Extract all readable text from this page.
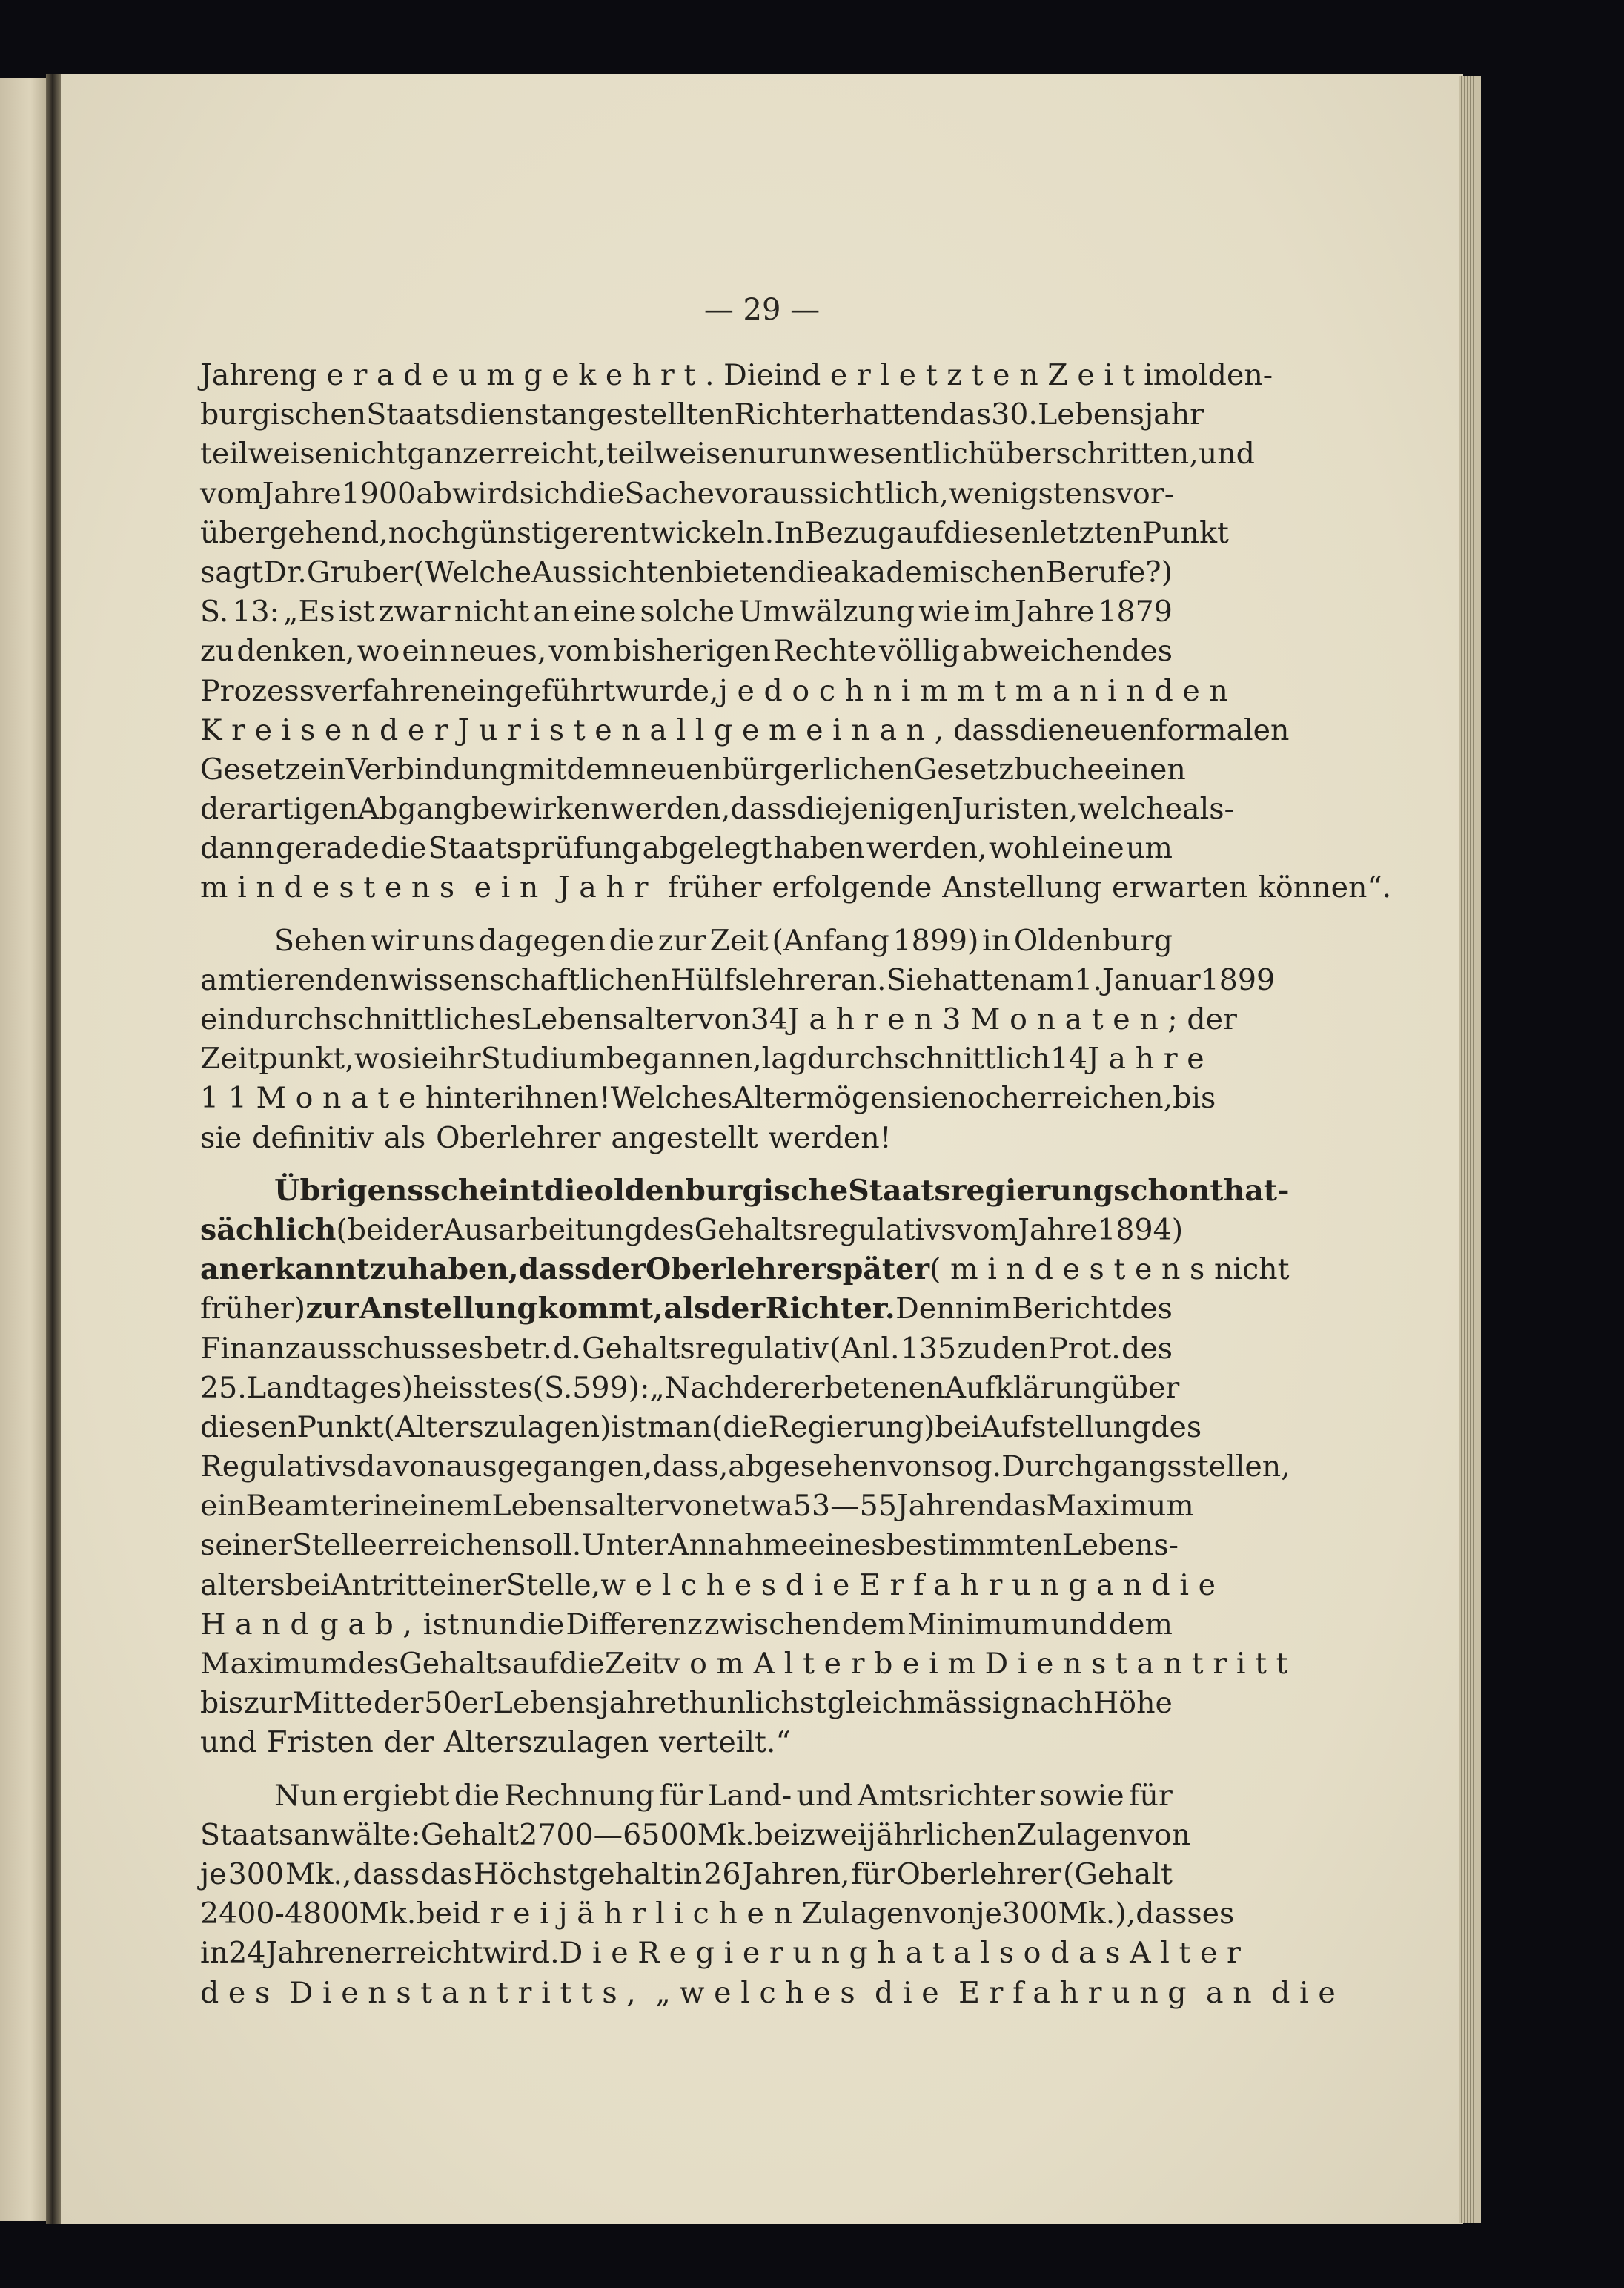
— 29 —
Jahren gerade umgekehrt. Die in der letzten Zeit im olden-
burgischen Staatsdienst angestellten Richter hatten das 30. Lebensjahr
teilweise nicht ganz erreicht, teilweise nur unwesentlich überschritten, und
vom Jahre 1900 ab wird sich die Sache voraussichtlich, wenigstens vor-
übergehend, noch günstiger entwickeln. In Bezug auf diesen letzten Punkt
sagt Dr. Gruber (Welche Aussichten bieten die akademischen Berufe?)
S. 13: „Es ist zwar nicht an eine solche Umwälzung wie im Jahre 1879
zu denken, wo ein neues, vom bisherigen Rechte völlig abweichendes
Prozessverfahren eingeführt wurde, jedoch nimmt man in den
Kreisen der Juristen allgemein an, dass die neuen formalen
Gesetze in Verbindung mit dem neuen bürgerlichen Gesetzbuche einen
derartigen Abgang bewirken werden, dass diejenigen Juristen, welche als-
dann gerade die Staatsprüfung abgelegt haben werden, wohl eine um
mindestens ein Jahr früher erfolgende Anstellung erwarten können“.
Sehen wir uns dagegen die zur Zeit (Anfang 1899) in Oldenburg
amtierenden wissenschaftlichen Hülfslehrer an. Sie hatten am 1. Januar 1899
ein durchschnittliches Lebensalter von 34 Jahren 3 Monaten; der
Zeitpunkt, wo sie ihr Studium begannen, lag durchschnittlich 14 Jahre
11 Monate hinter ihnen! Welches Alter mögen sie noch erreichen, bis
sie definitiv als Oberlehrer angestellt werden!
Übrigens scheint die oldenburgische Staatsregierung schon that-
sächlich (bei der Ausarbeitung des Gehaltsregulativs vom Jahre 1894)
anerkannt zu haben, dass der Oberlehrer später (mindestens nicht
früher) zur Anstellung kommt, als der Richter. Denn im Bericht des
Finanzausschusses betr. d. Gehaltsregulativ (Anl. 135 zu den Prot. des
25. Landtages) heisst es (S. 599): „Nach der erbetenen Aufklärung über
diesen Punkt (Alterszulagen) ist man (die Regierung) bei Aufstellung des
Regulativs davon ausgegangen, dass, abgesehen von sog. Durchgangsstellen,
ein Beamter in einem Lebensalter von etwa 53—55 Jahren das Maximum
seiner Stelle erreichen soll. Unter Annahme eines bestimmten Lebens-
alters bei Antritt einer Stelle, welches die Erfahrung an die
Hand gab, ist nun die Differenz zwischen dem Minimum und dem
Maximum des Gehalts auf die Zeit vom Alter beim Dienstantritt
bis zur Mitte der 50er Lebensjahre thunlichst gleichmässig nach Höhe
und Fristen der Alterszulagen verteilt.“
Nun ergiebt die Rechnung für Land- und Amtsrichter sowie für
Staatsanwälte: Gehalt 2700—6500 Mk. bei zweijährlichen Zulagen von
je 300 Mk., dass das Höchstgehalt in 26 Jahren, für Oberlehrer (Gehalt
2400 - 4800 Mk. bei dreijährlichen Zulagen von je 300 Mk.), dass es
in 24 Jahren erreicht wird. Die Regierung hat also das Alter
des Dienstantritts, „welches die Erfahrung an die
